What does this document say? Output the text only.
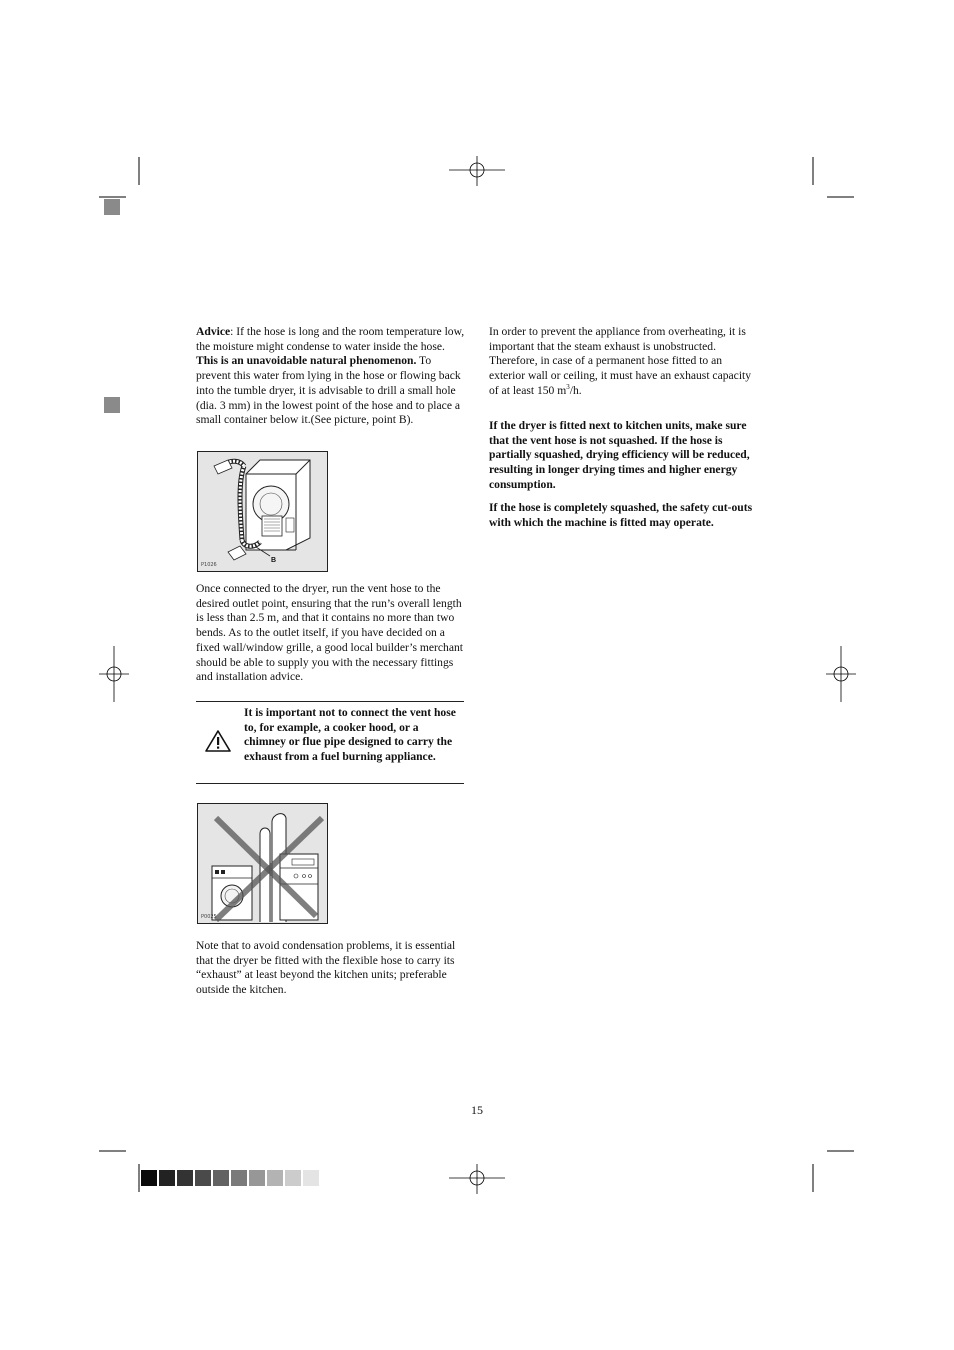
Advice: If the hose is long and the room temperature low, the moisture might condense to water inside the hose. This is an unavoidable natural phenomenon. To prevent this water from lying in the hose or flowing back into the tumble dryer, it is advisable to drill a small hole (dia. 3 mm) in the lowest point of the hose and to place a small container below it.(See picture, point B).

B
P1026

Once connected to the dryer, run the vent hose to the desired outlet point, ensuring that the run’s overall length is less than 2.5 m, and that it contains no more than two bends. As to the outlet itself, if you have decided on a fixed wall/window grille, a good local builder’s merchant should be able to supply you with the necessary fittings and installation advice.

It is important not to connect the vent hose to, for example, a cooker hood, or a chimney or flue pipe designed to carry the exhaust from a fuel burning appliance.

P0025

Note that to avoid condensation problems, it is essential that the dryer be fitted with the flexible hose to carry its “exhaust” at least beyond the kitchen units; preferable outside the kitchen.

In order to prevent the appliance from overheating, it is important that the steam exhaust is unobstructed. Therefore, in case of a permanent hose fitted to an exterior wall or ceiling, it must have an exhaust capacity of at least 150 $m^3/h$.

If the dryer is fitted next to kitchen units, make sure that the vent hose is not squashed. If the hose is partially squashed, drying efficiency will be reduced, resulting in longer drying times and higher energy consumption.

If the hose is completely squashed, the safety cut-outs with which the machine is fitted may operate.

15
